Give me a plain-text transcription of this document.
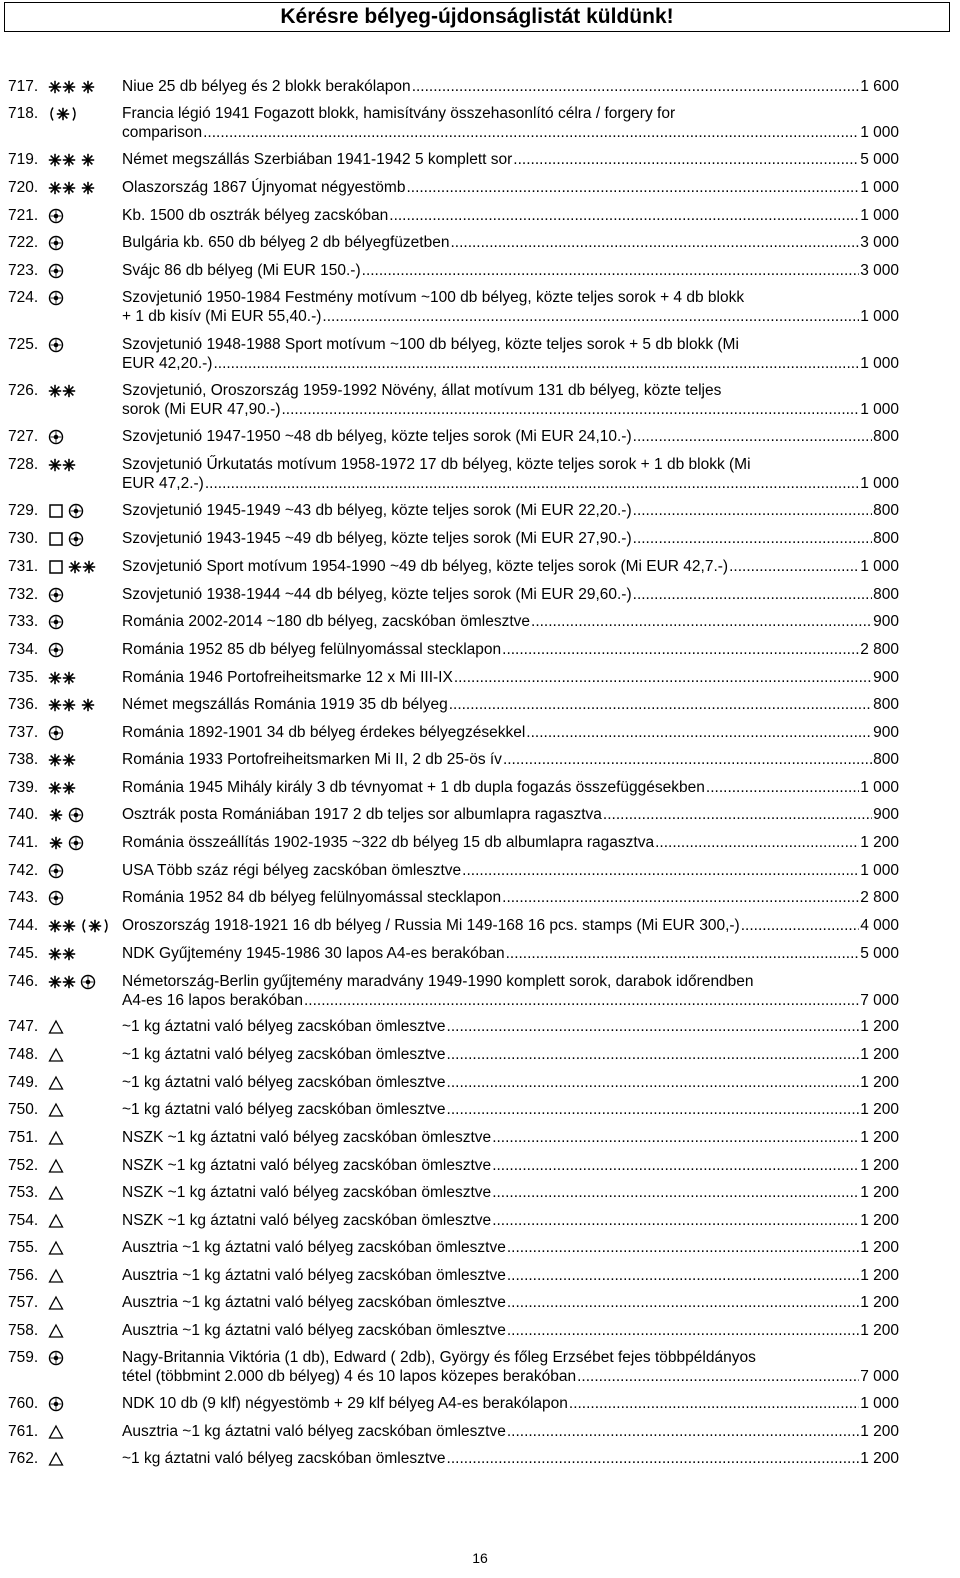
Kérésre bélyeg-újdonságlistát küldünk!
717.	Niue 25 db bélyeg és 2 blokk berakólapon .....	1 600
718.	Francia légió 1941 Fogazott blokk, hamisítvány összehasonlító célra / forgery for
comparison .....	1 000
719.	Német megszállás Szerbiában 1941-1942 5 komplett sor .....	5 000
720.	Olaszország 1867 Újnyomat négyestömb .....	1 000
721.	Kb. 1500 db osztrák bélyeg zacskóban .....	1 000
722.	Bulgária kb. 650 db bélyeg 2 db bélyegfüzetben .....	3 000
723.	Svájc 86 db bélyeg (Mi EUR 150.-) .....	3 000
724.	Szovjetunió 1950-1984 Festmény motívum ~100 db bélyeg, közte teljes sorok + 4 db blokk
+ 1 db kisív (Mi EUR 55,40.-) .....	1 000
725.	Szovjetunió 1948-1988 Sport motívum ~100 db bélyeg, közte teljes sorok + 5 db blokk (Mi
EUR 42,20.-) .....	1 000
726.	Szovjetunió, Oroszország 1959-1992 Növény, állat motívum 131 db bélyeg, közte teljes
sorok (Mi EUR 47,90.-) .....	1 000
727.	Szovjetunió 1947-1950 ~48 db bélyeg, közte teljes sorok (Mi EUR 24,10.-) .....	800
728.	Szovjetunió Űrkutatás motívum 1958-1972 17 db bélyeg, közte teljes sorok + 1 db blokk (Mi
EUR 47,2.-) .....	1 000
729.	Szovjetunió 1945-1949 ~43 db bélyeg, közte teljes sorok (Mi EUR 22,20.-) .....	800
730.	Szovjetunió 1943-1945 ~49 db bélyeg, közte teljes sorok (Mi EUR 27,90.-) .....	800
731.	Szovjetunió Sport motívum 1954-1990 ~49 db bélyeg, közte teljes sorok (Mi EUR 42,7.-) .....	1 000
732.	Szovjetunió 1938-1944 ~44 db bélyeg, közte teljes sorok (Mi EUR 29,60.-) .....	800
733.	Románia 2002-2014 ~180 db bélyeg, zacskóban ömlesztve .....	900
734.	Románia 1952 85 db bélyeg felülnyomással stecklapon .....	2 800
735.	Románia 1946 Portofreiheitsmarke 12 x Mi III-IX .....	900
736.	Német megszállás Románia 1919 35 db bélyeg .....	800
737.	Románia 1892-1901 34 db bélyeg érdekes bélyegzésekkel .....	900
738.	Románia 1933 Portofreiheitsmarken Mi II, 2 db 25-ös ív .....	800
739.	Románia 1945 Mihály király 3 db tévnyomat + 1 db dupla fogazás összefüggésekben .....	1 000
740.	Osztrák posta Romániában 1917 2 db teljes sor albumlapra ragasztva .....	900
741.	Románia összeállítás 1902-1935 ~322 db bélyeg 15 db albumlapra ragasztva .....	1 200
742.	USA Több száz régi bélyeg zacskóban ömlesztve .....	1 000
743.	Románia 1952 84 db bélyeg felülnyomással stecklapon .....	2 800
744.	Oroszország 1918-1921 16 db bélyeg / Russia Mi 149-168 16 pcs. stamps (Mi EUR 300,-) .....	4 000
745.	NDK Gyűjtemény 1945-1986 30 lapos A4-es berakóban .....	5 000
746.	Németország-Berlin gyűjtemény maradvány 1949-1990 komplett sorok, darabok időrendben
A4-es 16 lapos berakóban .....	7 000
747.	~1 kg áztatni való bélyeg zacskóban ömlesztve .....	1 200
748.	~1 kg áztatni való bélyeg zacskóban ömlesztve .....	1 200
749.	~1 kg áztatni való bélyeg zacskóban ömlesztve .....	1 200
750.	~1 kg áztatni való bélyeg zacskóban ömlesztve .....	1 200
751.	NSZK ~1 kg áztatni való bélyeg zacskóban ömlesztve .....	1 200
752.	NSZK ~1 kg áztatni való bélyeg zacskóban ömlesztve .....	1 200
753.	NSZK ~1 kg áztatni való bélyeg zacskóban ömlesztve .....	1 200
754.	NSZK ~1 kg áztatni való bélyeg zacskóban ömlesztve .....	1 200
755.	Ausztria ~1 kg áztatni való bélyeg zacskóban ömlesztve .....	1 200
756.	Ausztria ~1 kg áztatni való bélyeg zacskóban ömlesztve .....	1 200
757.	Ausztria ~1 kg áztatni való bélyeg zacskóban ömlesztve .....	1 200
758.	Ausztria ~1 kg áztatni való bélyeg zacskóban ömlesztve .....	1 200
759.	Nagy-Britannia Viktória (1 db), Edward ( 2db), György és főleg Erzsébet fejes többpéldányos
tétel (többmint 2.000 db bélyeg) 4 és 10 lapos közepes berakóban .....	7 000
760.	NDK 10 db (9 klf) négyestömb + 29 klf bélyeg A4-es berakólapon .....	1 000
761.	Ausztria ~1 kg áztatni való bélyeg zacskóban ömlesztve .....	1 200
762.	~1 kg áztatni való bélyeg zacskóban ömlesztve .....	1 200
16
